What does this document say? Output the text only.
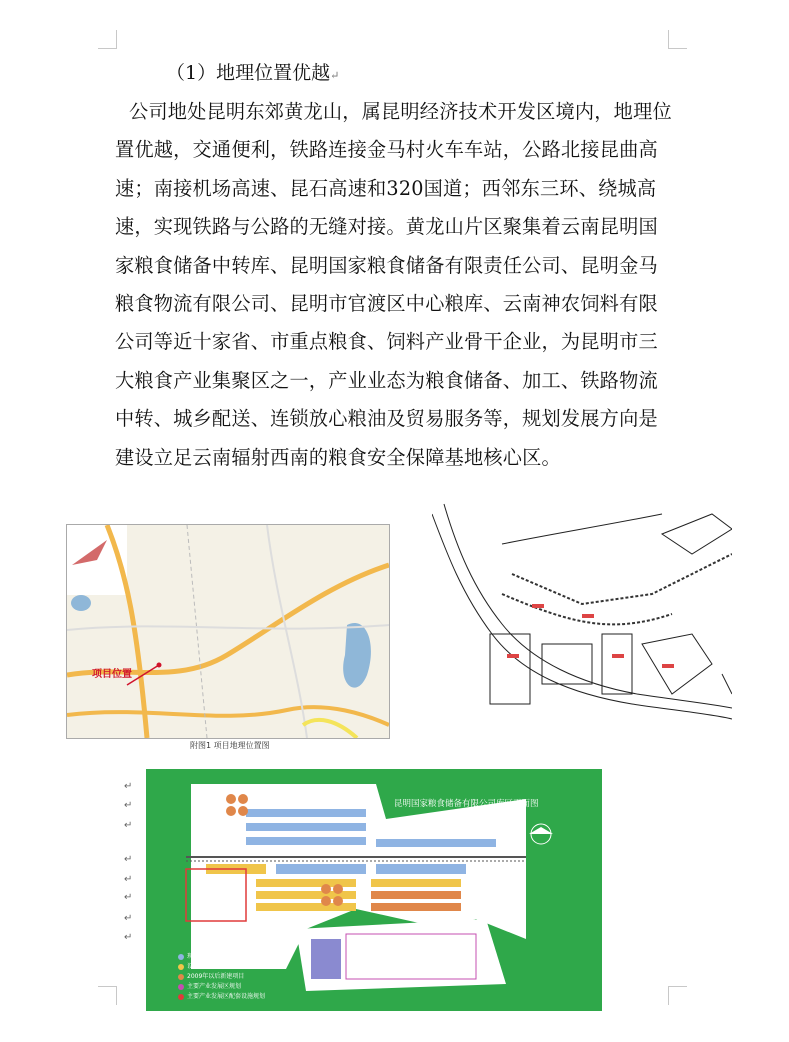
（1）地理位置优越↵
公司地处昆明东郊黄龙山，属昆明经济技术开发区境内，地理位置优越，交通便利，铁路连接金马村火车车站，公路北接昆曲高速；南接机场高速、昆石高速和320国道；西邻东三环、绕城高速，实现铁路与公路的无缝对接。黄龙山片区聚集着云南昆明国家粮食储备中转库、昆明国家粮食储备有限责任公司、昆明金马粮食物流有限公司、昆明市官渡区中心粮库、云南神农饲料有限公司等近十家省、市重点粮食、饲料产业骨干企业，为昆明市三大粮食产业集聚区之一，产业业态为粮食储备、加工、铁路物流中转、城乡配送、连锁放心粮油及贸易服务等，规划发展方向是建设立足云南辐射西南的粮食安全保障基地核心区。
项目位置
附图1 项目地理位置图
昆明国家粮食储备有限公司库区平面图
现在库区储粮仓库项目
设施铁路专用线项目
2009年以后新建项目
主要产业发展区规划
主要产业发展区配套设施规划
↵
↵
↵
↵
↵
↵
↵
↵
